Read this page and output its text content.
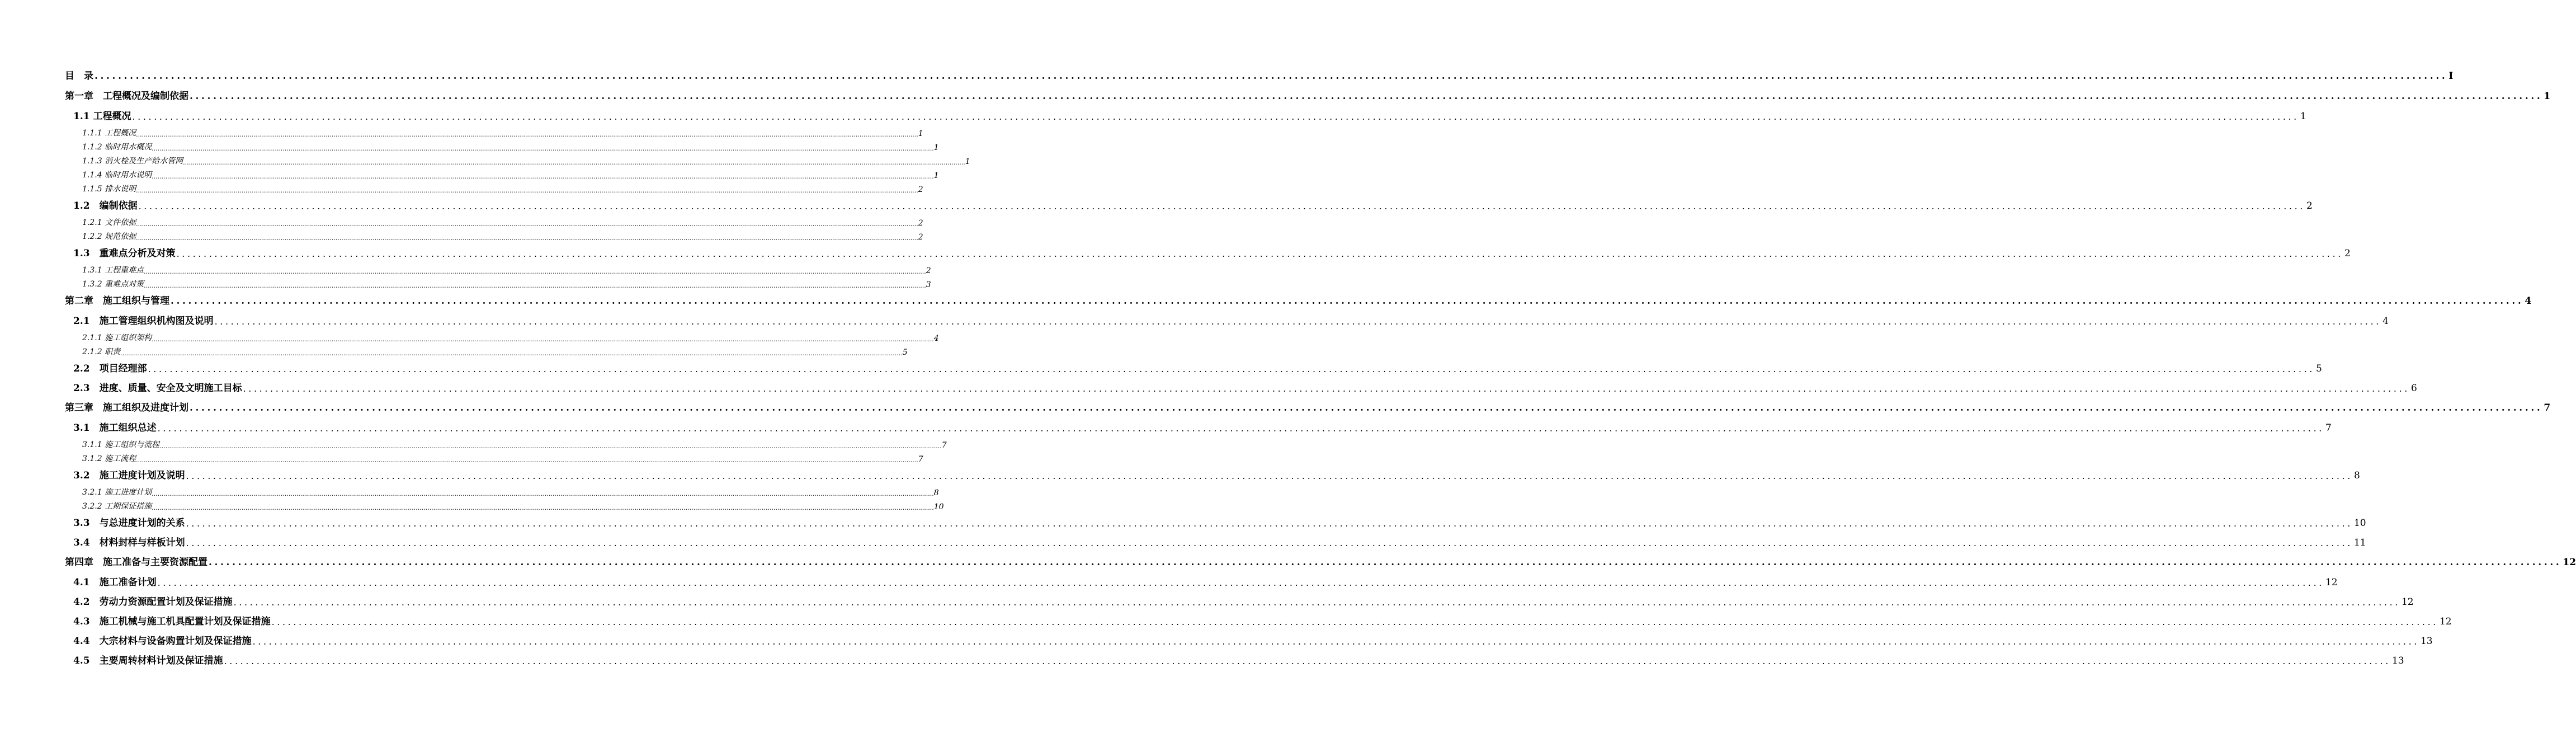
目　录 ................................................................................................................................................................................................................................................................................................................................................................................................................ I
第一章　工程概况及编制依据 ................................................................................................................................................................................................................................................................................................................................................................................................................ 1
1.1 工程概况 ................................................................................................................................................................................................................................................................................................................................................................................................................ 1
1.1.1 工程概况 ................................................................................................................................................................................................................................................................................................................................................................................................................ 1
1.1.2 临时用水概况 ................................................................................................................................................................................................................................................................................................................................................................................................................ 1
1.1.3 消火栓及生产给水管网 ................................................................................................................................................................................................................................................................................................................................................................................................................ 1
1.1.4 临时用水说明 ................................................................................................................................................................................................................................................................................................................................................................................................................ 1
1.1.5 排水说明 ................................................................................................................................................................................................................................................................................................................................................................................................................ 2
1.2　编制依据 ................................................................................................................................................................................................................................................................................................................................................................................................................ 2
1.2.1 文件依据 ................................................................................................................................................................................................................................................................................................................................................................................................................ 2
1.2.2 规范依据 ................................................................................................................................................................................................................................................................................................................................................................................................................ 2
1.3　重难点分析及对策 ................................................................................................................................................................................................................................................................................................................................................................................................................ 2
1.3.1 工程重难点 ................................................................................................................................................................................................................................................................................................................................................................................................................ 2
1.3.2 重难点对策 ................................................................................................................................................................................................................................................................................................................................................................................................................ 3
第二章　施工组织与管理 ................................................................................................................................................................................................................................................................................................................................................................................................................ 4
2.1　施工管理组织机构图及说明 ................................................................................................................................................................................................................................................................................................................................................................................................................ 4
2.1.1 施工组织架构 ................................................................................................................................................................................................................................................................................................................................................................................................................ 4
2.1.2 职责 ................................................................................................................................................................................................................................................................................................................................................................................................................ 5
2.2　项目经理部 ................................................................................................................................................................................................................................................................................................................................................................................................................ 5
2.3　进度、质量、安全及文明施工目标 ................................................................................................................................................................................................................................................................................................................................................................................................................ 6
第三章　施工组织及进度计划 ................................................................................................................................................................................................................................................................................................................................................................................................................ 7
3.1　施工组织总述 ................................................................................................................................................................................................................................................................................................................................................................................................................ 7
3.1.1 施工组织与流程 ................................................................................................................................................................................................................................................................................................................................................................................................................ 7
3.1.2 施工流程 ................................................................................................................................................................................................................................................................................................................................................................................................................ 7
3.2　施工进度计划及说明 ................................................................................................................................................................................................................................................................................................................................................................................................................ 8
3.2.1 施工进度计划 ................................................................................................................................................................................................................................................................................................................................................................................................................ 8
3.2.2 工期保证措施 ................................................................................................................................................................................................................................................................................................................................................................................................................ 10
3.3　与总进度计划的关系 ................................................................................................................................................................................................................................................................................................................................................................................................................ 10
3.4　材料封样与样板计划 ................................................................................................................................................................................................................................................................................................................................................................................................................ 11
第四章　施工准备与主要资源配置 ................................................................................................................................................................................................................................................................................................................................................................................................................ 12
4.1　施工准备计划 ................................................................................................................................................................................................................................................................................................................................................................................................................ 12
4.2　劳动力资源配置计划及保证措施 ................................................................................................................................................................................................................................................................................................................................................................................................................ 12
4.3　施工机械与施工机具配置计划及保证措施 ................................................................................................................................................................................................................................................................................................................................................................................................................ 12
4.4　大宗材料与设备购置计划及保证措施 ................................................................................................................................................................................................................................................................................................................................................................................................................ 13
4.5　主要周转材料计划及保证措施 ................................................................................................................................................................................................................................................................................................................................................................................................................ 13
